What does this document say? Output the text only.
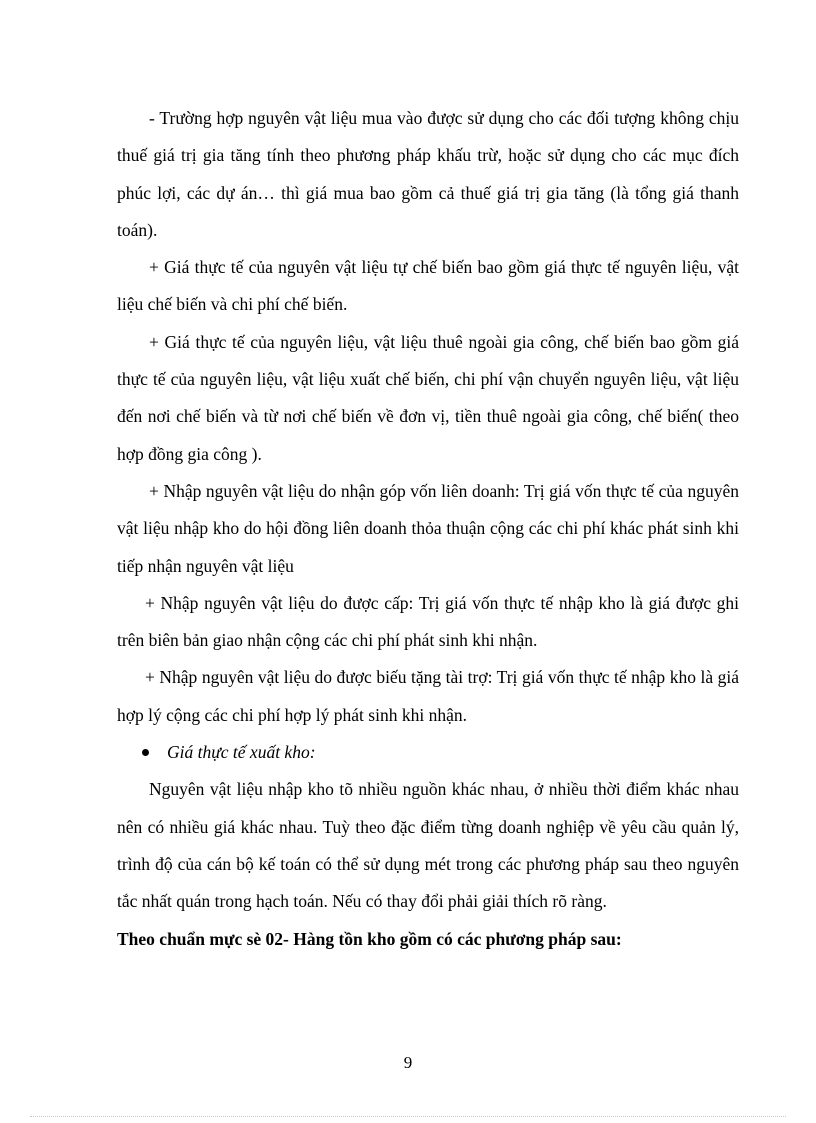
- Trường hợp nguyên vật liệu mua vào được sử dụng cho các đối tượng không chịu thuế giá trị gia tăng tính theo phương pháp khấu trừ, hoặc sử dụng cho các mục đích phúc lợi, các dự án… thì giá mua bao gồm cả thuế giá trị gia tăng (là tổng giá thanh toán).

+ Giá thực tế của nguyên vật liệu tự chế biến bao gồm giá thực tế nguyên liệu, vật liệu chế biến và chi phí chế biến.

+ Giá thực tế của nguyên liệu, vật liệu thuê ngoài gia công, chế biến bao gồm giá thực tế của nguyên liệu, vật liệu xuất chế biến, chi phí vận chuyển nguyên liệu, vật liệu đến nơi chế biến và từ nơi chế biến về đơn vị, tiền thuê ngoài gia công, chế biến( theo hợp đồng gia công ).

+ Nhập nguyên vật liệu do nhận góp vốn liên doanh: Trị giá vốn thực tế của nguyên vật liệu nhập kho do hội đồng liên doanh thỏa thuận cộng các chi phí khác phát sinh khi tiếp nhận nguyên vật liệu

+ Nhập nguyên vật liệu do được cấp: Trị giá vốn thực tế nhập kho là giá được ghi trên biên bản giao nhận cộng các chi phí phát sinh khi nhận.

+ Nhập nguyên vật liệu do được biếu tặng tài trợ: Trị giá vốn thực tế nhập kho là giá hợp lý cộng các chi phí hợp lý phát sinh khi nhận.

Giá thực tế xuất kho:

Nguyên vật liệu nhập kho tõ nhiều nguồn khác nhau, ở nhiều thời điểm khác nhau nên có nhiều giá khác nhau. Tuỳ theo đặc điểm từng doanh nghiệp về yêu cầu quản lý, trình độ của cán bộ kế toán có thể sử dụng mét trong các phương pháp sau theo nguyên tắc nhất quán trong hạch toán. Nếu có thay đổi phải giải thích rõ ràng.

Theo chuẩn mực sè 02- Hàng tồn kho gồm có các phương pháp sau:

9
